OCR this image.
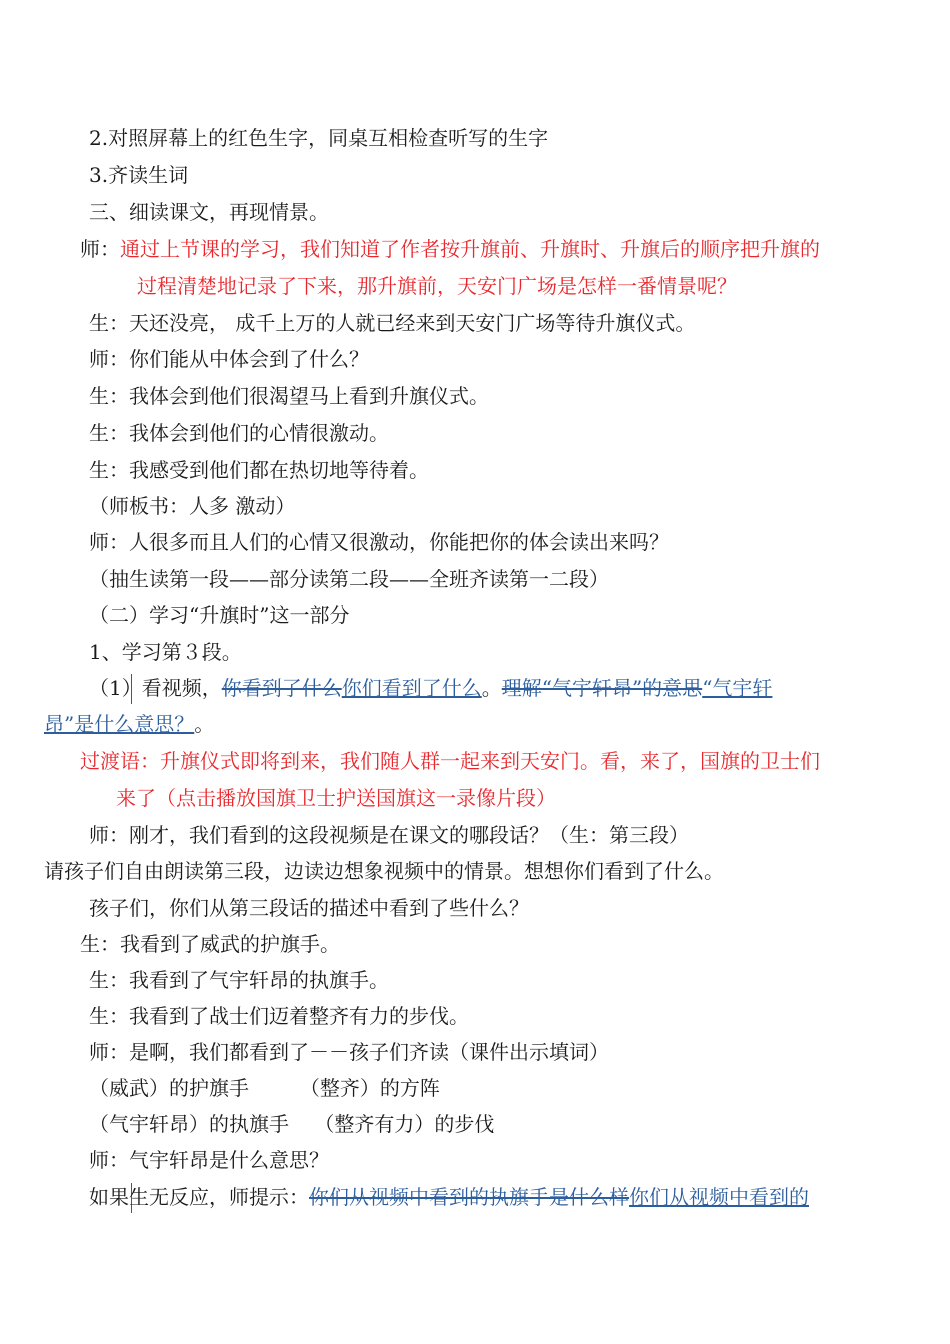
2.对照屏幕上的红色生字，同桌互相检查听写的生字
3.齐读生词
三、细读课文，再现情景。
师：通过上节课的学习，我们知道了作者按升旗前、升旗时、升旗后的顺序把升旗的
过程清楚地记录了下来，那升旗前，天安门广场是怎样一番情景呢？
生：天还没亮， 成千上万的人就已经来到天安门广场等待升旗仪式。
师：你们能从中体会到了什么？
生：我体会到他们很渴望马上看到升旗仪式。
生：我体会到他们的心情很激动。
生：我感受到他们都在热切地等待着。
（师板书：人多 激动）
师：人很多而且人们的心情又很激动，你能把你的体会读出来吗？
（抽生读第一段——部分读第二段——全班齐读第一二段）
（二）学习“升旗时”这一部分
1、学习第３段。
（1）看视频，你看到了什么你们看到了什么。理解“气宇轩昂”的意思“气宇轩
昂”是什么意思？。
过渡语：升旗仪式即将到来，我们随人群一起来到天安门。看，来了，国旗的卫士们
来了（点击播放国旗卫士护送国旗这一录像片段）
师：刚才，我们看到的这段视频是在课文的哪段话？（生：第三段）
请孩子们自由朗读第三段，边读边想象视频中的情景。想想你们看到了什么。
孩子们，你们从第三段话的描述中看到了些什么？
生：我看到了威武的护旗手。
生：我看到了气宇轩昂的执旗手。
生：我看到了战士们迈着整齐有力的步伐。
师：是啊，我们都看到了－－孩子们齐读（课件出示填词）
（威武）的护旗手        （整齐）的方阵
（气宇轩昂）的执旗手    （整齐有力）的步伐
师：气宇轩昂是什么意思？
如果生无反应，师提示：你们从视频中看到的执旗手是什么样你们从视频中看到的
